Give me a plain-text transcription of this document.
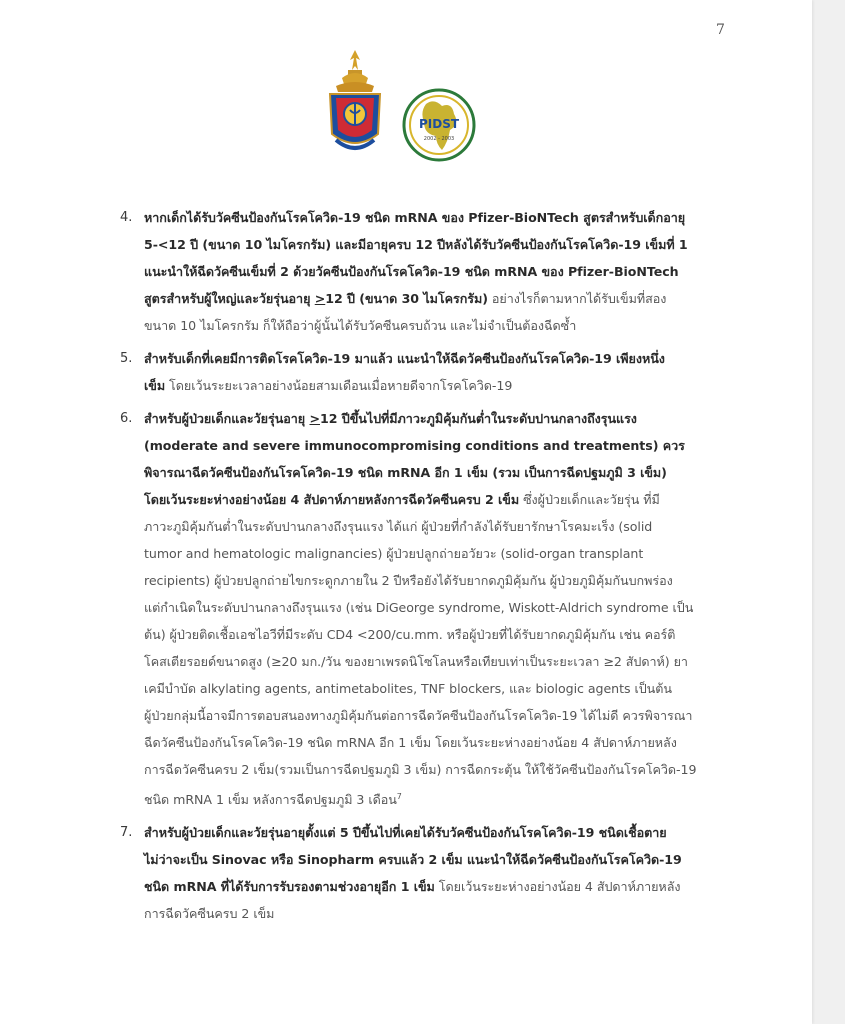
7
PIDST
2002 - 2003
4. หากเด็กได้รับวัคซีนป้องกันโรคโควิด-19 ชนิด mRNA ของ Pfizer-BioNTech สูตรสำหรับเด็กอายุ
5-<12 ปี (ขนาด 10 ไมโครกรัม) และมีอายุครบ 12 ปีหลังได้รับวัคซีนป้องกันโรคโควิด-19 เข็มที่ 1
แนะนำให้ฉีดวัคซีนเข็มที่ 2 ด้วยวัคซีนป้องกันโรคโควิด-19 ชนิด mRNA ของ Pfizer-BioNTech
สูตรสำหรับผู้ใหญ่และวัยรุ่นอายุ >12 ปี (ขนาด 30 ไมโครกรัม) อย่างไรก็ตามหากได้รับเข็มที่สอง
ขนาด 10 ไมโครกรัม ก็ให้ถือว่าผู้นั้นได้รับวัคซีนครบถ้วน และไม่จำเป็นต้องฉีดซ้ำ
5. สำหรับเด็กที่เคยมีการติดโรคโควิด-19 มาแล้ว แนะนำให้ฉีดวัคซีนป้องกันโรคโควิด-19 เพียงหนึ่ง
เข็ม โดยเว้นระยะเวลาอย่างน้อยสามเดือนเมื่อหายดีจากโรคโควิด-19
6. สำหรับผู้ป่วยเด็กและวัยรุ่นอายุ >12 ปีขึ้นไปที่มีภาวะภูมิคุ้มกันต่ำในระดับปานกลางถึงรุนแรง
(moderate and severe immunocompromising conditions and treatments) ควร
พิจารณาฉีดวัคซีนป้องกันโรคโควิด-19 ชนิด mRNA อีก 1 เข็ม (รวม เป็นการฉีดปฐมภูมิ 3 เข็ม)
โดยเว้นระยะห่างอย่างน้อย 4 สัปดาห์ภายหลังการฉีดวัคซีนครบ 2 เข็ม ซึ่งผู้ป่วยเด็กและวัยรุ่น ที่มี
ภาวะภูมิคุ้มกันต่ำในระดับปานกลางถึงรุนแรง ได้แก่ ผู้ป่วยที่กำลังได้รับยารักษาโรคมะเร็ง (solid
tumor and hematologic malignancies) ผู้ป่วยปลูกถ่ายอวัยวะ (solid-organ transplant
recipients) ผู้ป่วยปลูกถ่ายไขกระดูกภายใน 2 ปีหรือยังได้รับยากดภูมิคุ้มกัน ผู้ป่วยภูมิคุ้มกันบกพร่อง
แต่กำเนิดในระดับปานกลางถึงรุนแรง (เช่น DiGeorge syndrome, Wiskott-Aldrich syndrome เป็น
ต้น) ผู้ป่วยติดเชื้อเอชไอวีที่มีระดับ CD4 <200/cu.mm. หรือผู้ป่วยที่ได้รับยากดภูมิคุ้มกัน เช่น คอร์ติ
โคสเตียรอยด์ขนาดสูง (≥20 มก./วัน ของยาเพรดนิโซโลนหรือเทียบเท่าเป็นระยะเวลา ≥2 สัปดาห์) ยา
เคมีบำบัด alkylating agents, antimetabolites, TNF blockers, และ biologic agents เป็นต้น
ผู้ป่วยกลุ่มนี้อาจมีการตอบสนองทางภูมิคุ้มกันต่อการฉีดวัคซีนป้องกันโรคโควิด-19 ได้ไม่ดี ควรพิจารณา
ฉีดวัคซีนป้องกันโรคโควิด-19 ชนิด mRNA อีก 1 เข็ม โดยเว้นระยะห่างอย่างน้อย 4 สัปดาห์ภายหลัง
การฉีดวัคซีนครบ 2 เข็ม(รวมเป็นการฉีดปฐมภูมิ 3 เข็ม) การฉีดกระตุ้น ให้ใช้วัคซีนป้องกันโรคโควิด-19
ชนิด mRNA 1 เข็ม หลังการฉีดปฐมภูมิ 3 เดือน$^7$
7. สำหรับผู้ป่วยเด็กและวัยรุ่นอายุตั้งแต่ 5 ปีขึ้นไปที่เคยได้รับวัคซีนป้องกันโรคโควิด-19 ชนิดเชื้อตาย
ไม่ว่าจะเป็น Sinovac หรือ Sinopharm ครบแล้ว 2 เข็ม แนะนำให้ฉีดวัคซีนป้องกันโรคโควิด-19
ชนิด mRNA ที่ได้รับการรับรองตามช่วงอายุอีก 1 เข็ม โดยเว้นระยะห่างอย่างน้อย 4 สัปดาห์ภายหลัง
การฉีดวัคซีนครบ 2 เข็ม
